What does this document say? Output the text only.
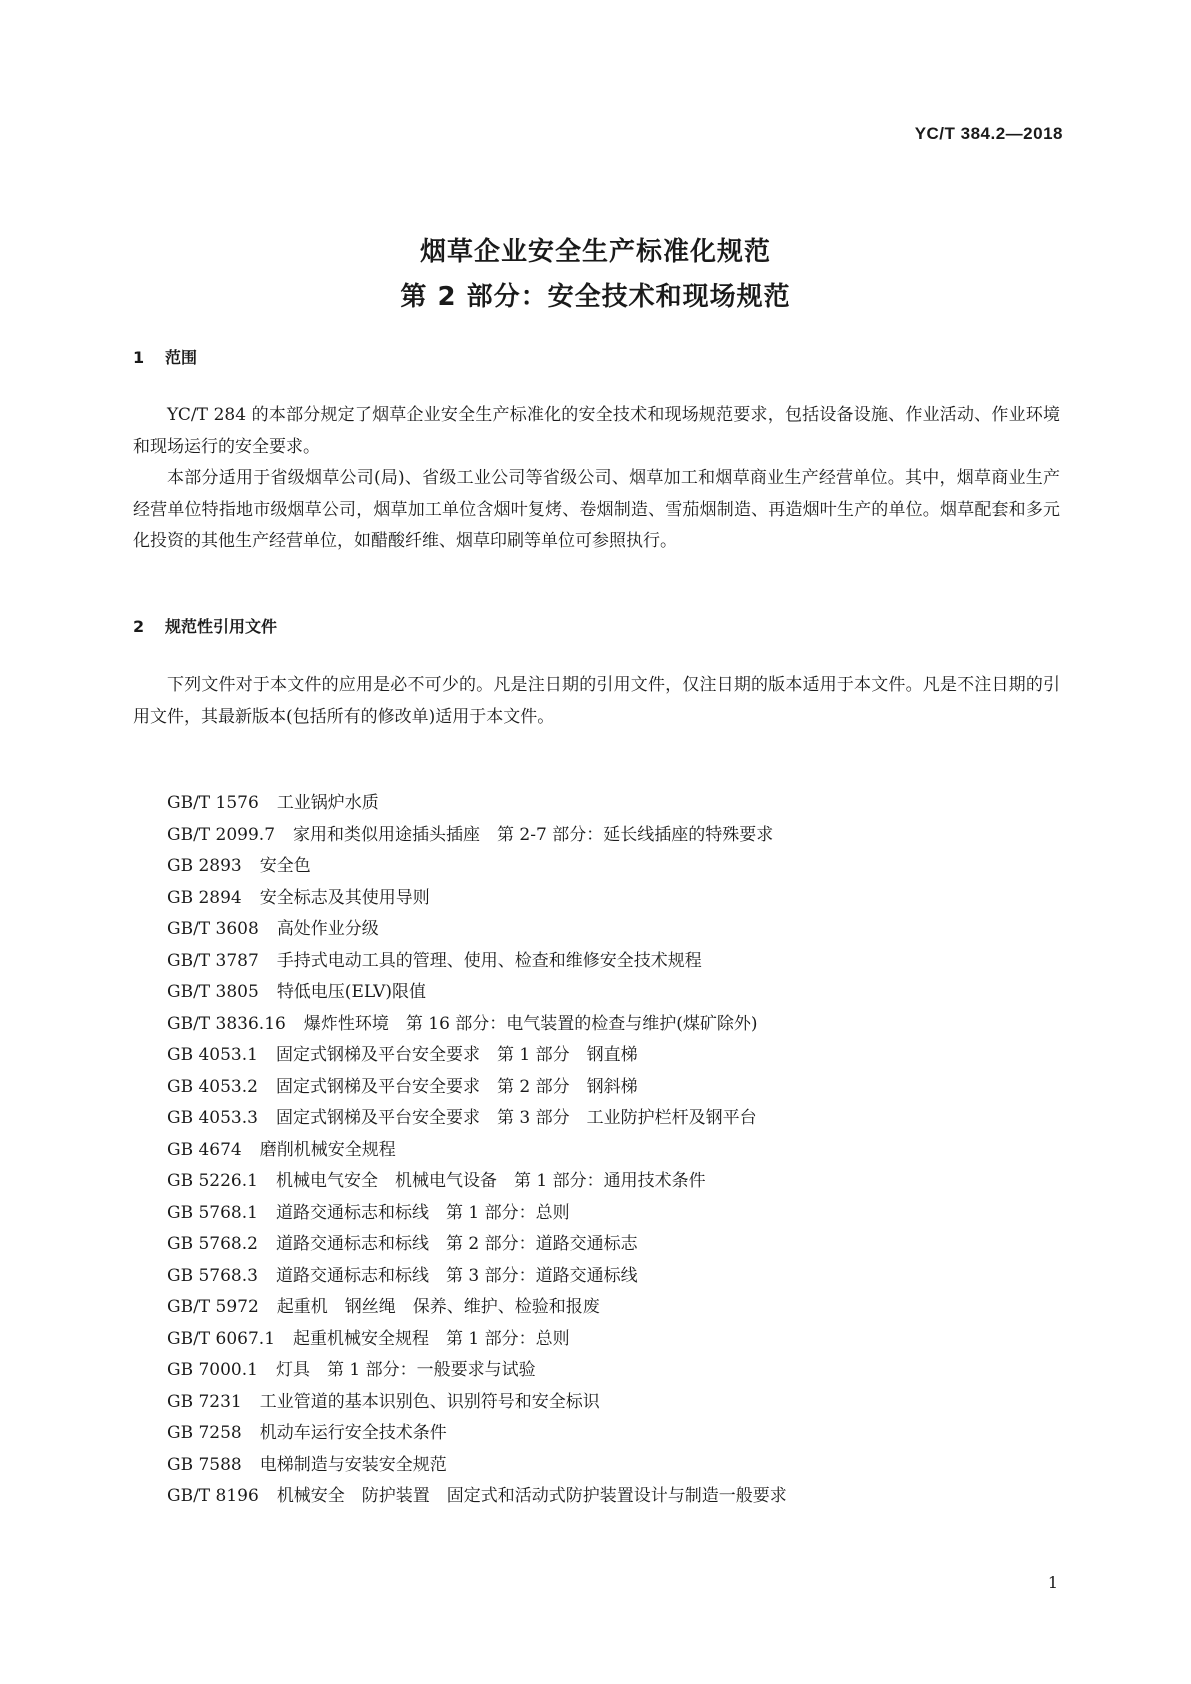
YC/T 384.2—2018
烟草企业安全生产标准化规范
第 2 部分：安全技术和现场规范
1 范围

YC/T 284 的本部分规定了烟草企业安全生产标准化的安全技术和现场规范要求，包括设备设施、作业活动、作业环境和现场运行的安全要求。

本部分适用于省级烟草公司(局)、省级工业公司等省级公司、烟草加工和烟草商业生产经营单位。其中，烟草商业生产经营单位特指地市级烟草公司，烟草加工单位含烟叶复烤、卷烟制造、雪茄烟制造、再造烟叶生产的单位。烟草配套和多元化投资的其他生产经营单位，如醋酸纤维、烟草印刷等单位可参照执行。

2 规范性引用文件

下列文件对于本文件的应用是必不可少的。凡是注日期的引用文件，仅注日期的版本适用于本文件。凡是不注日期的引用文件，其最新版本(包括所有的修改单)适用于本文件。

GB/T 1576 工业锅炉水质
GB/T 2099.7 家用和类似用途插头插座　第 2-7 部分：延长线插座的特殊要求
GB 2893 安全色
GB 2894 安全标志及其使用导则
GB/T 3608 高处作业分级
GB/T 3787 手持式电动工具的管理、使用、检查和维修安全技术规程
GB/T 3805 特低电压(ELV)限值
GB/T 3836.16 爆炸性环境　第 16 部分：电气装置的检查与维护(煤矿除外)
GB 4053.1 固定式钢梯及平台安全要求　第 1 部分　钢直梯
GB 4053.2 固定式钢梯及平台安全要求　第 2 部分　钢斜梯
GB 4053.3 固定式钢梯及平台安全要求　第 3 部分　工业防护栏杆及钢平台
GB 4674 磨削机械安全规程
GB 5226.1 机械电气安全　机械电气设备　第 1 部分：通用技术条件
GB 5768.1 道路交通标志和标线　第 1 部分：总则
GB 5768.2 道路交通标志和标线　第 2 部分：道路交通标志
GB 5768.3 道路交通标志和标线　第 3 部分：道路交通标线
GB/T 5972 起重机　钢丝绳　保养、维护、检验和报废
GB/T 6067.1 起重机械安全规程　第 1 部分：总则
GB 7000.1 灯具　第 1 部分：一般要求与试验
GB 7231 工业管道的基本识别色、识别符号和安全标识
GB 7258 机动车运行安全技术条件
GB 7588 电梯制造与安装安全规范
GB/T 8196 机械安全　防护装置　固定式和活动式防护装置设计与制造一般要求
1
